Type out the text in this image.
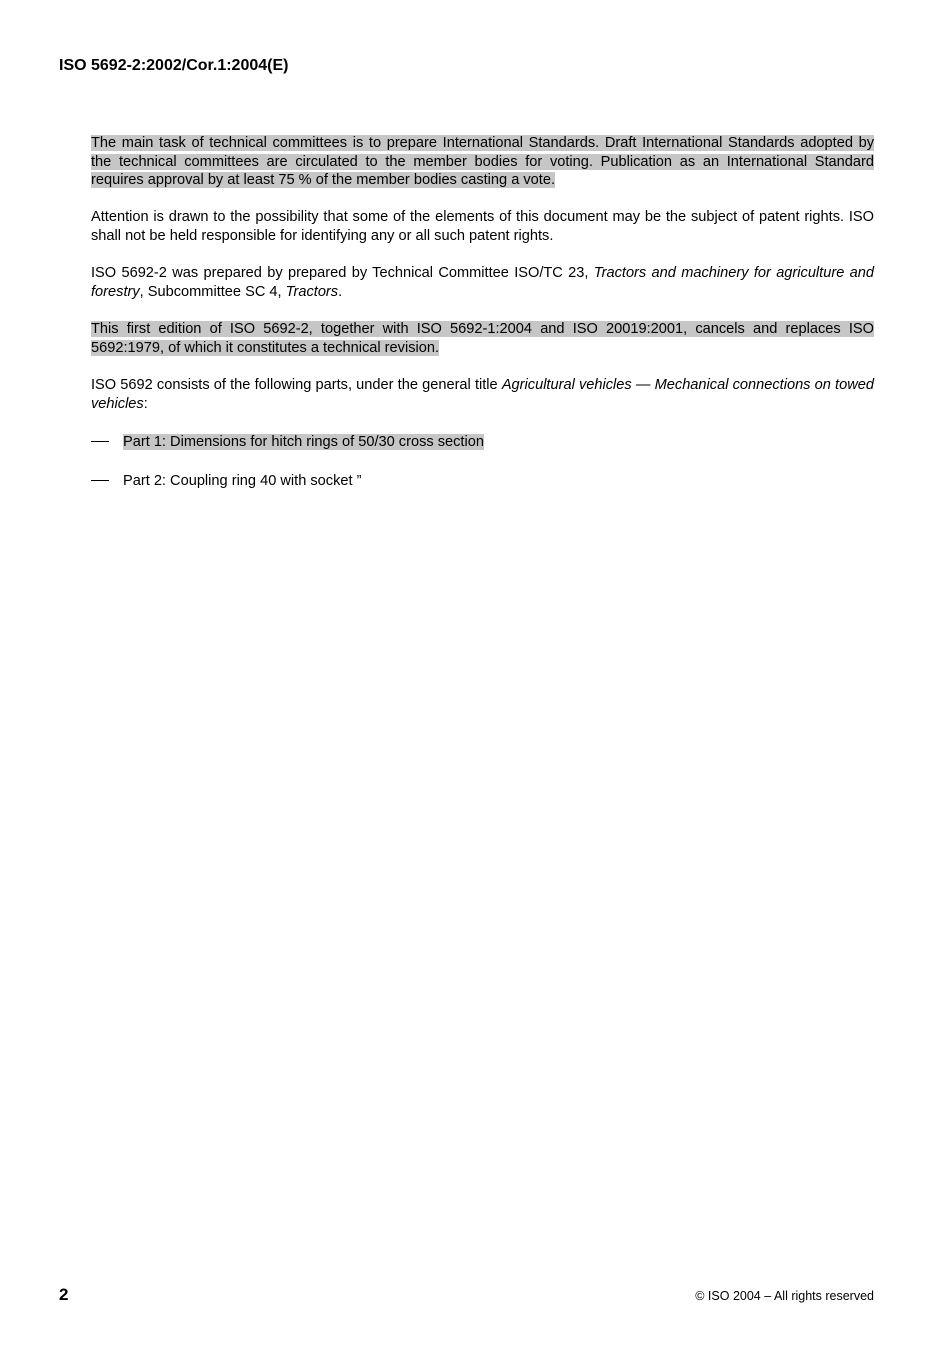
ISO 5692-2:2002/Cor.1:2004(E)
The main task of technical committees is to prepare International Standards. Draft International Standards adopted by the technical committees are circulated to the member bodies for voting. Publication as an International Standard requires approval by at least 75 % of the member bodies casting a vote.
Attention is drawn to the possibility that some of the elements of this document may be the subject of patent rights. ISO shall not be held responsible for identifying any or all such patent rights.
ISO 5692-2 was prepared by prepared by Technical Committee ISO/TC 23, Tractors and machinery for agriculture and forestry, Subcommittee SC 4, Tractors.
This first edition of ISO 5692-2, together with ISO 5692-1:2004 and ISO 20019:2001, cancels and replaces ISO 5692:1979, of which it constitutes a technical revision.
ISO 5692 consists of the following parts, under the general title Agricultural vehicles — Mechanical connections on towed vehicles:
Part 1: Dimensions for hitch rings of 50/30 cross section
Part 2: Coupling ring 40 with socket ”
2	© ISO 2004 – All rights reserved
